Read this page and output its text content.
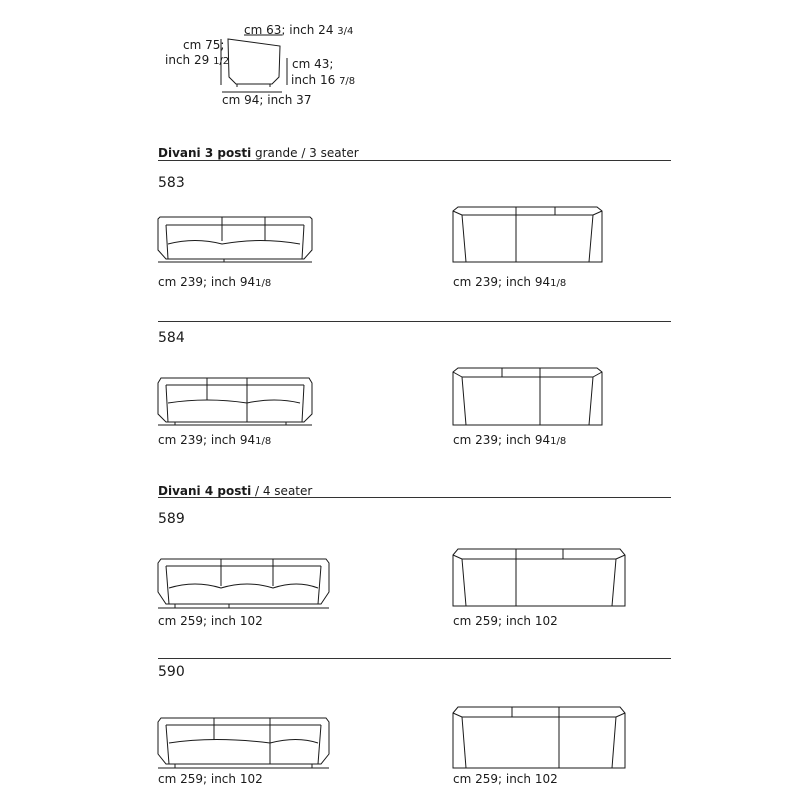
cm 63; inch 24 3/4
cm 75;
inch 29 1/2	cm 43;
inch 16 7/8
cm 94; inch 37
Divani 3 posti grande / 3 seater
583
cm 239; inch 941/8	cm 239; inch 941/8
584
cm 239; inch 941/8	cm 239; inch 941/8
Divani 4 posti / 4 seater
589
cm 259; inch 102	cm 259; inch 102
590
cm 259; inch 102	cm 259; inch 102
